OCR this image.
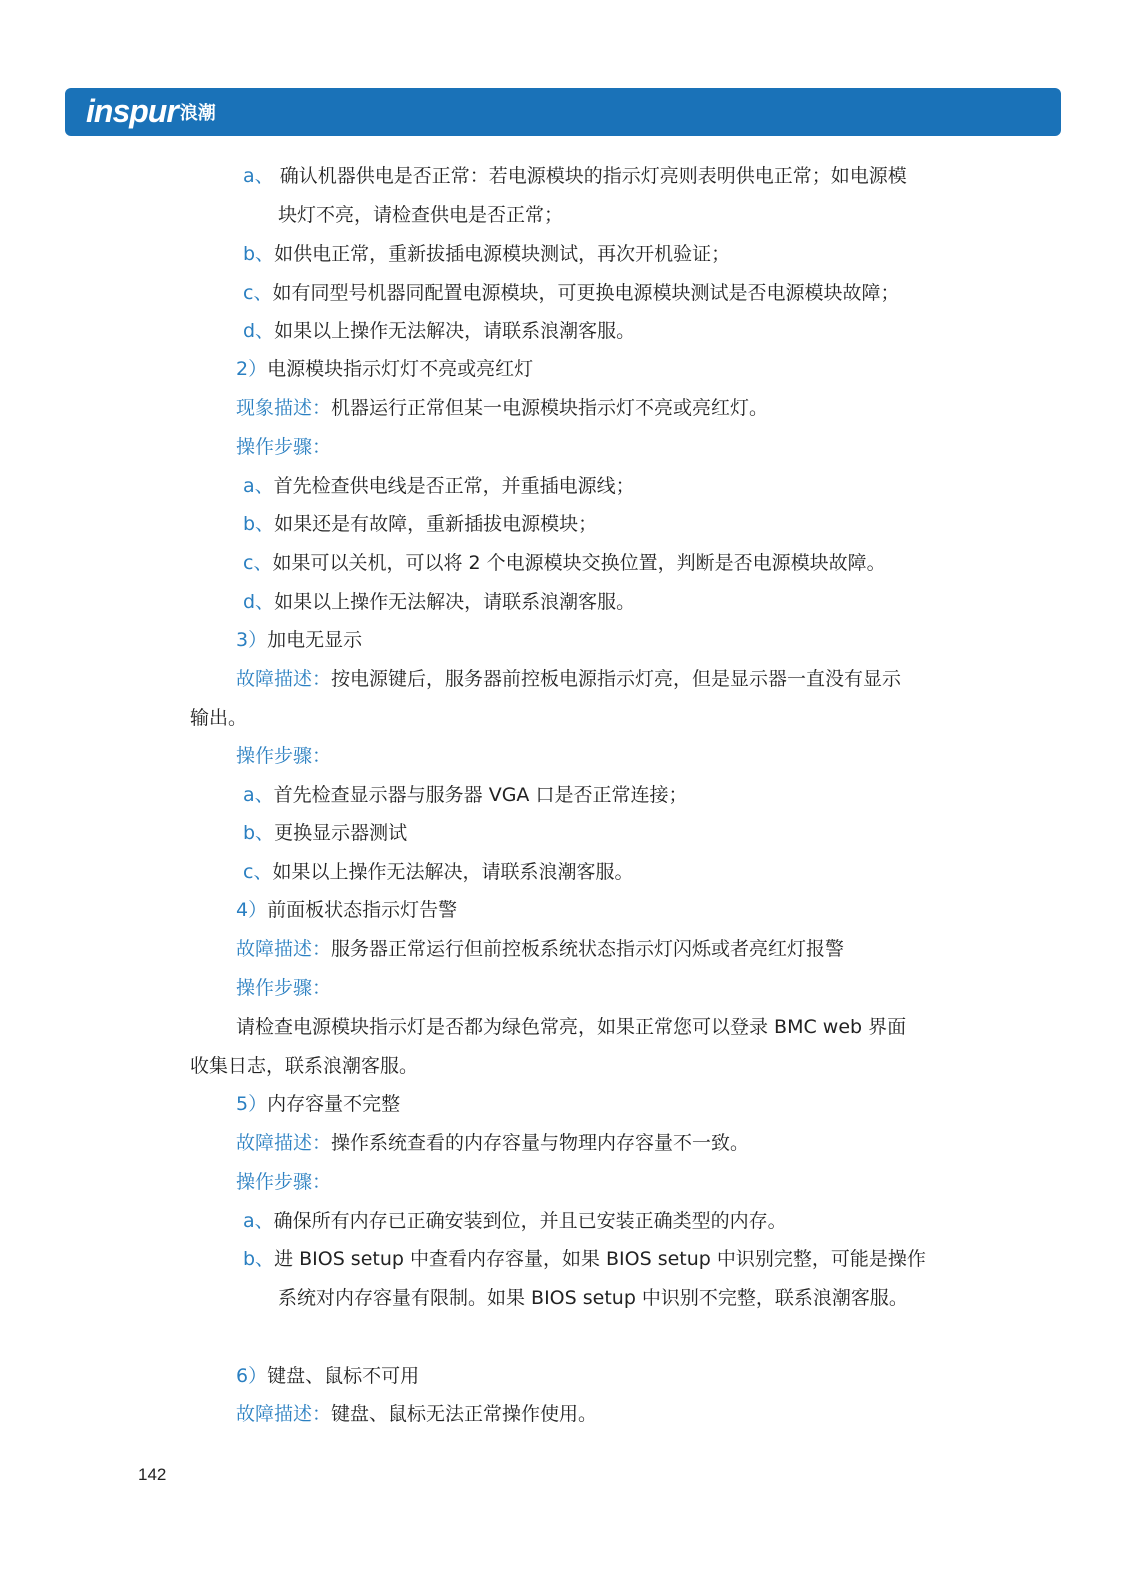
inspur 浪潮
a、 确认机器供电是否正常：若电源模块的指示灯亮则表明供电正常；如电源模
块灯不亮，请检查供电是否正常；
b、如供电正常，重新拔插电源模块测试，再次开机验证；
c、如有同型号机器同配置电源模块，可更换电源模块测试是否电源模块故障；
d、如果以上操作无法解决，请联系浪潮客服。
2）电源模块指示灯灯不亮或亮红灯
现象描述：机器运行正常但某一电源模块指示灯不亮或亮红灯。
操作步骤：
a、首先检查供电线是否正常，并重插电源线；
b、如果还是有故障，重新插拔电源模块；
c、如果可以关机，可以将 2 个电源模块交换位置，判断是否电源模块故障。
d、如果以上操作无法解决，请联系浪潮客服。
3）加电无显示
故障描述：按电源键后，服务器前控板电源指示灯亮，但是显示器一直没有显示
输出。
操作步骤：
a、首先检查显示器与服务器 VGA 口是否正常连接；
b、更换显示器测试
c、如果以上操作无法解决，请联系浪潮客服。
4）前面板状态指示灯告警
故障描述：服务器正常运行但前控板系统状态指示灯闪烁或者亮红灯报警
操作步骤：
请检查电源模块指示灯是否都为绿色常亮，如果正常您可以登录 BMC web 界面
收集日志，联系浪潮客服。
5）内存容量不完整
故障描述：操作系统查看的内存容量与物理内存容量不一致。
操作步骤：
a、确保所有内存已正确安装到位，并且已安装正确类型的内存。
b、进 BIOS setup 中查看内存容量，如果 BIOS setup 中识别完整，可能是操作
系统对内存容量有限制。如果 BIOS setup 中识别不完整，联系浪潮客服。
6）键盘、鼠标不可用
故障描述：键盘、鼠标无法正常操作使用。
142
